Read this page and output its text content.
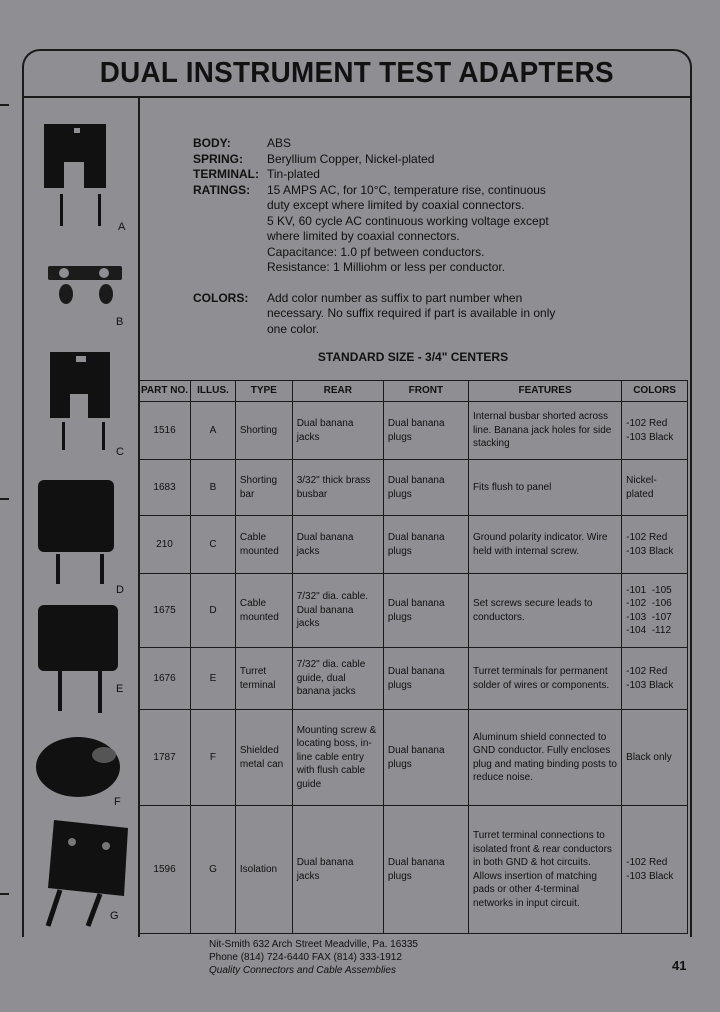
DUAL INSTRUMENT TEST ADAPTERS
A
B
C
D
E
F
G
BODY:	ABS
SPRING:	Beryllium Copper, Nickel-plated
TERMINAL: Tin-plated
RATINGS:	15 AMPS AC, for 10°C, temperature rise, continuous
duty except where limited by coaxial connectors.
5 KV, 60 cycle AC continuous working voltage except
where limited by coaxial connectors.
Capacitance: 1.0 pf between conductors.
Resistance: 1 Milliohm or less per conductor.
COLORS:	Add color number as suffix to part number when
necessary. No suffix required if part is available in only
one color.
STANDARD SIZE - 3/4" CENTERS
PART NO.	ILLUS.	TYPE	REAR	FRONT	FEATURES	COLORS
1516	A	Shorting	Dual banana jacks	Dual banana plugs	Internal busbar shorted across line. Banana jack holes for side stacking	-102 Red
-103 Black
1683	B	Shorting bar	3/32" thick brass busbar	Dual banana plugs	Fits flush to panel	Nickel-
plated
210	C	Cable mounted	Dual banana jacks	Dual banana plugs	Ground polarity indicator. Wire held with internal screw.	-102 Red
-103 Black
1675	D	Cable mounted	7/32" dia. cable. Dual banana jacks	Dual banana plugs	Set screws secure leads to conductors.	-101  -105
-102  -106
-103  -107
-104  -112
1676	E	Turret terminal	7/32" dia. cable guide, dual banana jacks	Dual banana plugs	Turret terminals for permanent solder of wires or components.	-102 Red
-103 Black
1787	F	Shielded metal can	Mounting screw & locating boss, in-line cable entry with flush cable guide	Dual banana plugs	Aluminum shield connected to GND conductor. Fully encloses plug and mating binding posts to reduce noise.	Black only
1596	G	Isolation	Dual banana jacks	Dual banana plugs	Turret terminal connections to isolated front & rear conductors in both GND & hot circuits. Allows insertion of matching pads or other 4-terminal networks in input circuit.	-102 Red
-103 Black
Nit-Smith 632 Arch Street Meadville, Pa. 16335
Phone (814) 724-6440 FAX (814) 333-1912
Quality Connectors and Cable Assemblies	41
